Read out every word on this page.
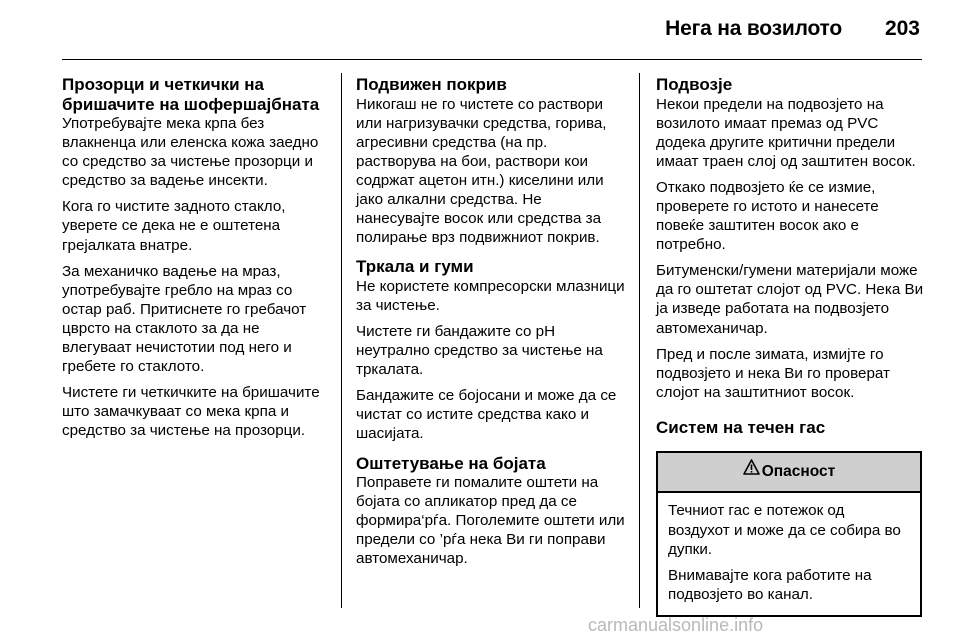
Нега на возилото 203
Прозорци и четкички на бришачите на шофершајбната

Употребувајте мека крпа без влакненца или еленска кожа заедно со средство за чистење прозорци и средство за вадење инсекти.

Кога го чистите задното стакло, уверете се дека не е оштетена грејалката внатре.

За механичко вадење на мраз, употребувајте гребло на мраз со остар раб. Притиснете го гребачот цврсто на стаклото за да не влегуваат нечистотии под него и гребете го стаклото.

Чистете ги четкичките на бришачите што замачкуваат со мека крпа и средство за чистење на прозорци.

Подвижен покрив

Никогаш не го чистете со раствори или нагризувачки средства, горива, агресивни средства (на пр. растворува на бои, раствори кои содржат ацетон итн.) киселини или јако алкални средства. Не нанесувајте восок или средства за полирање врз подвижниот покрив.

Тркала и гуми

Не користете компресорски млазници за чистење.

Чистете ги бандажите со pH неутрално средство за чистење на тркалата.

Бандажите се бојосани и може да се чистат со истите средства како и шасијата.

Оштетување на бојата

Поправете ги помалите оштети на бојата со апликатор пред да се формира‘рѓа. Поголемите оштети или предели со ’рѓа нека Ви ги поправи автомеханичар.

Подвозје

Некои предели на подвозјето на возилото имаат премаз од PVC додека другите критични предели имаат траен слој од заштитен восок.

Откако подвозјето ќе се измие, проверете го истото и нанесете повеќе заштитен восок ако е потребно.

Битуменски/гумени материјали може да го оштетат слојот од PVC. Нека Ви ја изведе работата на подвозјето автомеханичар.

Пред и после зимата, измијте го подвозјето и нека Ви го проверат слојот на заштитниот восок.

Систем на течен гас
Опасност

Течниот гас е потежок од воздухот и може да се собира во дупки.

Внимавајте кога работите на подвозјето во канал.

carmanualsonline.info
